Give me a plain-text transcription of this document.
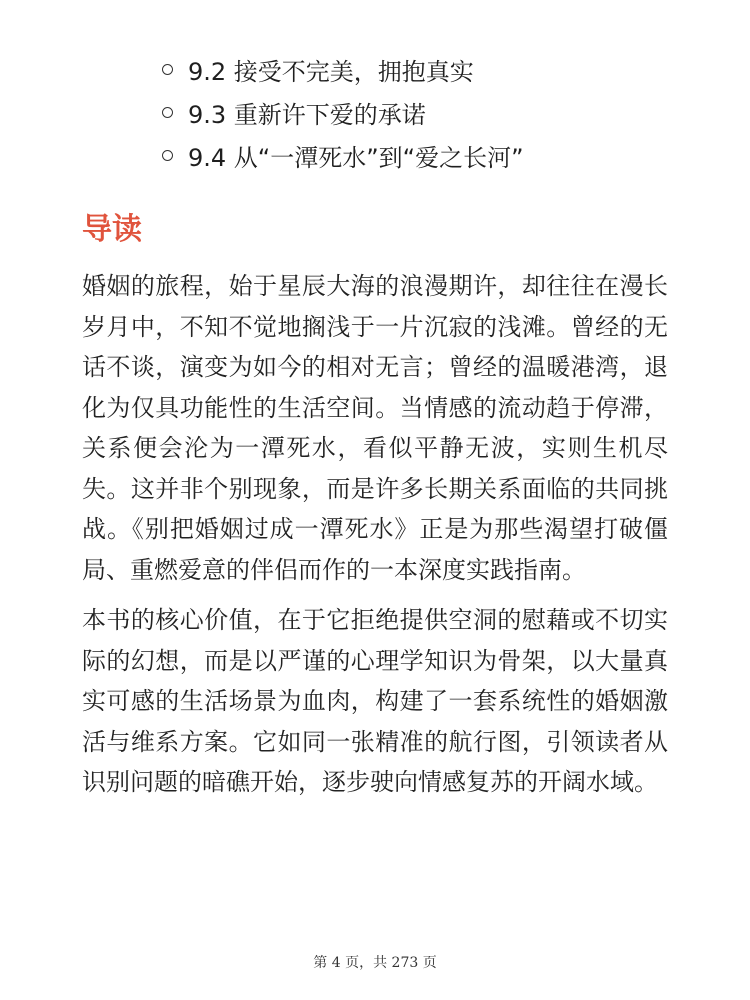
9.2 接受不完美，拥抱真实
9.3 重新许下爱的承诺
9.4 从“一潭死水”到“爱之长河”
导读

婚姻的旅程，始于星辰大海的浪漫期许，却往往在漫长岁月中，不知不觉地搁浅于一片沉寂的浅滩。曾经的无话不谈，演变为如今的相对无言；曾经的温暖港湾，退化为仅具功能性的生活空间。当情感的流动趋于停滞，关系便会沦为一潭死水，看似平静无波，实则生机尽失。这并非个别现象，而是许多长期关系面临的共同挑战。《别把婚姻过成一潭死水》正是为那些渴望打破僵局、重燃爱意的伴侣而作的一本深度实践指南。

本书的核心价值，在于它拒绝提供空洞的慰藉或不切实际的幻想，而是以严谨的心理学知识为骨架，以大量真实可感的生活场景为血肉，构建了一套系统性的婚姻激活与维系方案。它如同一张精准的航行图，引领读者从识别问题的暗礁开始，逐步驶向情感复苏的开阔水域。

第 4 页，共 273 页
